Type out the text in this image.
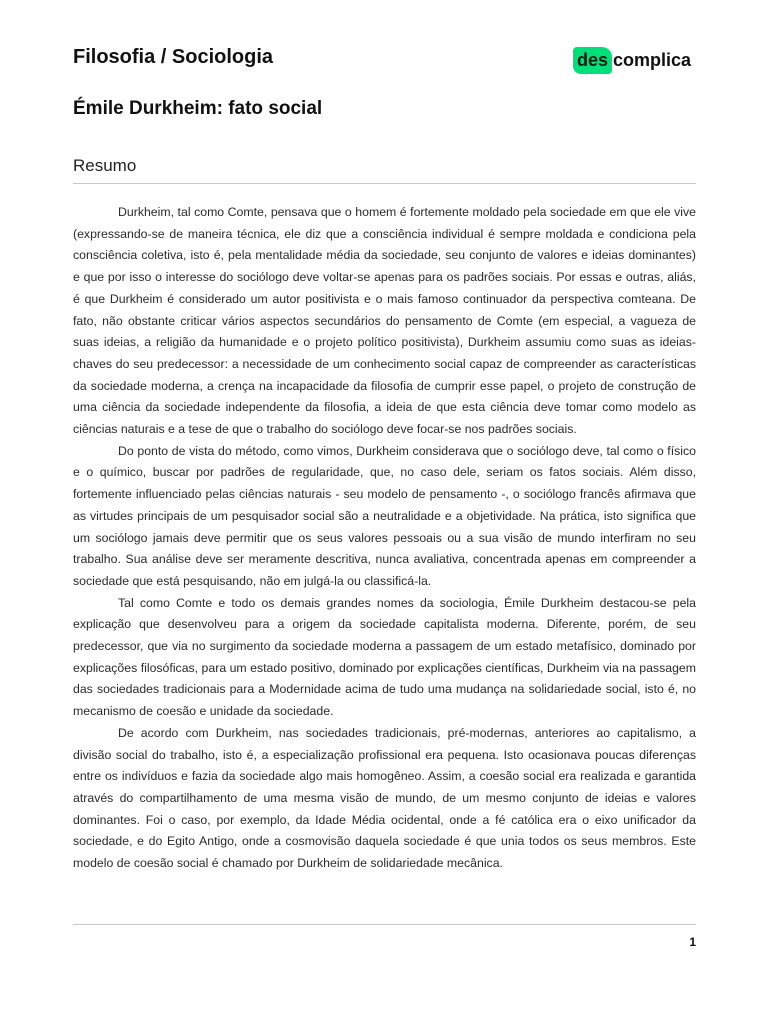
Filosofia / Sociologia	des complica
Émile Durkheim: fato social
Resumo

Durkheim, tal como Comte, pensava que o homem é fortemente moldado pela sociedade em que ele vive (expressando-se de maneira técnica, ele diz que a consciência individual é sempre moldada e condiciona pela consciência coletiva, isto é, pela mentalidade média da sociedade, seu conjunto de valores e ideias dominantes) e que por isso o interesse do sociólogo deve voltar-se apenas para os padrões sociais. Por essas e outras, aliás, é que Durkheim é considerado um autor positivista e o mais famoso continuador da perspectiva comteana. De fato, não obstante criticar vários aspectos secundários do pensamento de Comte (em especial, a vagueza de suas ideias, a religião da humanidade e o projeto político positivista), Durkheim assumiu como suas as ideias-chaves do seu predecessor: a necessidade de um conhecimento social capaz de compreender as características da sociedade moderna, a crença na incapacidade da filosofia de cumprir esse papel, o projeto de construção de uma ciência da sociedade independente da filosofia, a ideia de que esta ciência deve tomar como modelo as ciências naturais e a tese de que o trabalho do sociólogo deve focar-se nos padrões sociais.

Do ponto de vista do método, como vimos, Durkheim considerava que o sociólogo deve, tal como o físico e o químico, buscar por padrões de regularidade, que, no caso dele, seriam os fatos sociais. Além disso, fortemente influenciado pelas ciências naturais - seu modelo de pensamento -, o sociólogo francês afirmava que as virtudes principais de um pesquisador social são a neutralidade e a objetividade. Na prática, isto significa que um sociólogo jamais deve permitir que os seus valores pessoais ou a sua visão de mundo interfiram no seu trabalho. Sua análise deve ser meramente descritiva, nunca avaliativa, concentrada apenas em compreender a sociedade que está pesquisando, não em julgá-la ou classificá-la.

Tal como Comte e todo os demais grandes nomes da sociologia, Émile Durkheim destacou-se pela explicação que desenvolveu para a origem da sociedade capitalista moderna. Diferente, porém, de seu predecessor, que via no surgimento da sociedade moderna a passagem de um estado metafísico, dominado por explicações filosóficas, para um estado positivo, dominado por explicações científicas, Durkheim via na passagem das sociedades tradicionais para a Modernidade acima de tudo uma mudança na solidariedade social, isto é, no mecanismo de coesão e unidade da sociedade.

De acordo com Durkheim, nas sociedades tradicionais, pré-modernas, anteriores ao capitalismo, a divisão social do trabalho, isto é, a especialização profissional era pequena. Isto ocasionava poucas diferenças entre os indivíduos e fazia da sociedade algo mais homogêneo. Assim, a coesão social era realizada e garantida através do compartilhamento de uma mesma visão de mundo, de um mesmo conjunto de ideias e valores dominantes. Foi o caso, por exemplo, da Idade Média ocidental, onde a fé católica era o eixo unificador da sociedade, e do Egito Antigo, onde a cosmovisão daquela sociedade é que unia todos os seus membros. Este modelo de coesão social é chamado por Durkheim de solidariedade mecânica.

1
